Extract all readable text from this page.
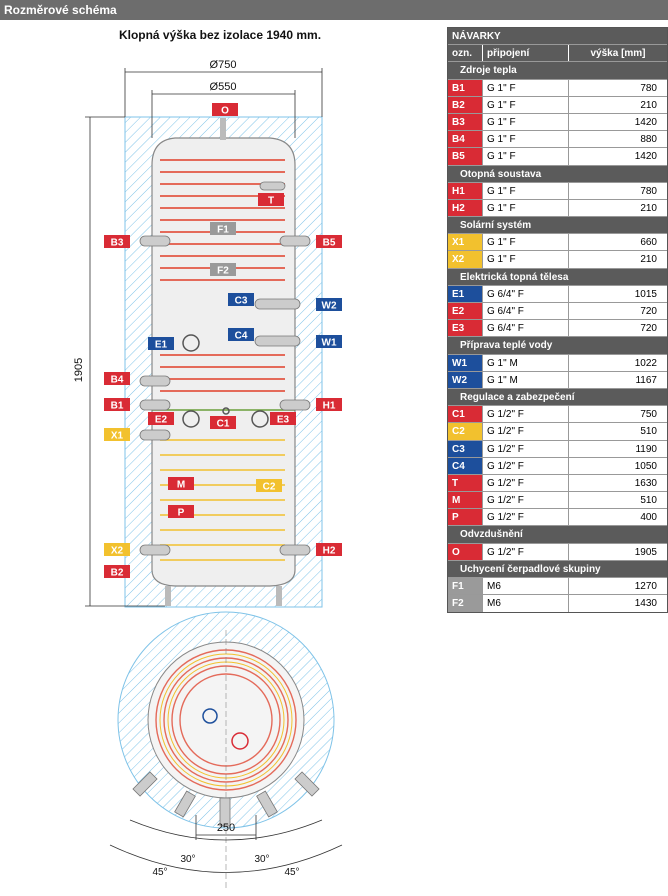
Rozměrové schéma
Klopná výška bez izolace 1940 mm.
Ø750
Ø550
1905
O
T
F1
B3	B5
F2
C3	W2
E1
C4
W1
B4
B1	H1
E2	C1	E3
X1
M	C2
P
X2	H2
B2
250
30°	30°
45°	45°
NÁVARKY
ozn.	připojení	výška [mm]
Zdroje tepla
B1	G 1" F	780
B2	G 1" F	210
B3	G 1" F	1420
B4	G 1" F	880
B5	G 1" F	1420
Otopná soustava
H1	G 1" F	780
H2	G 1" F	210
Solární systém
X1	G 1" F	660
X2	G 1" F	210
Elektrická topná tělesa
E1	G 6/4" F	1015
E2	G 6/4" F	720
E3	G 6/4" F	720
Příprava teplé vody
W1	G 1" M	1022
W2	G 1" M	1167
Regulace a zabezpečení
C1	G 1/2" F	750
C2	G 1/2" F	510
C3	G 1/2" F	1190
C4	G 1/2" F	1050
T	G 1/2" F	1630
M	G 1/2" F	510
P	G 1/2" F	400
Odvzdušnění
O	G 1/2" F	1905
Uchycení čerpadlové skupiny
F1	M6	1270
F2	M6	1430
